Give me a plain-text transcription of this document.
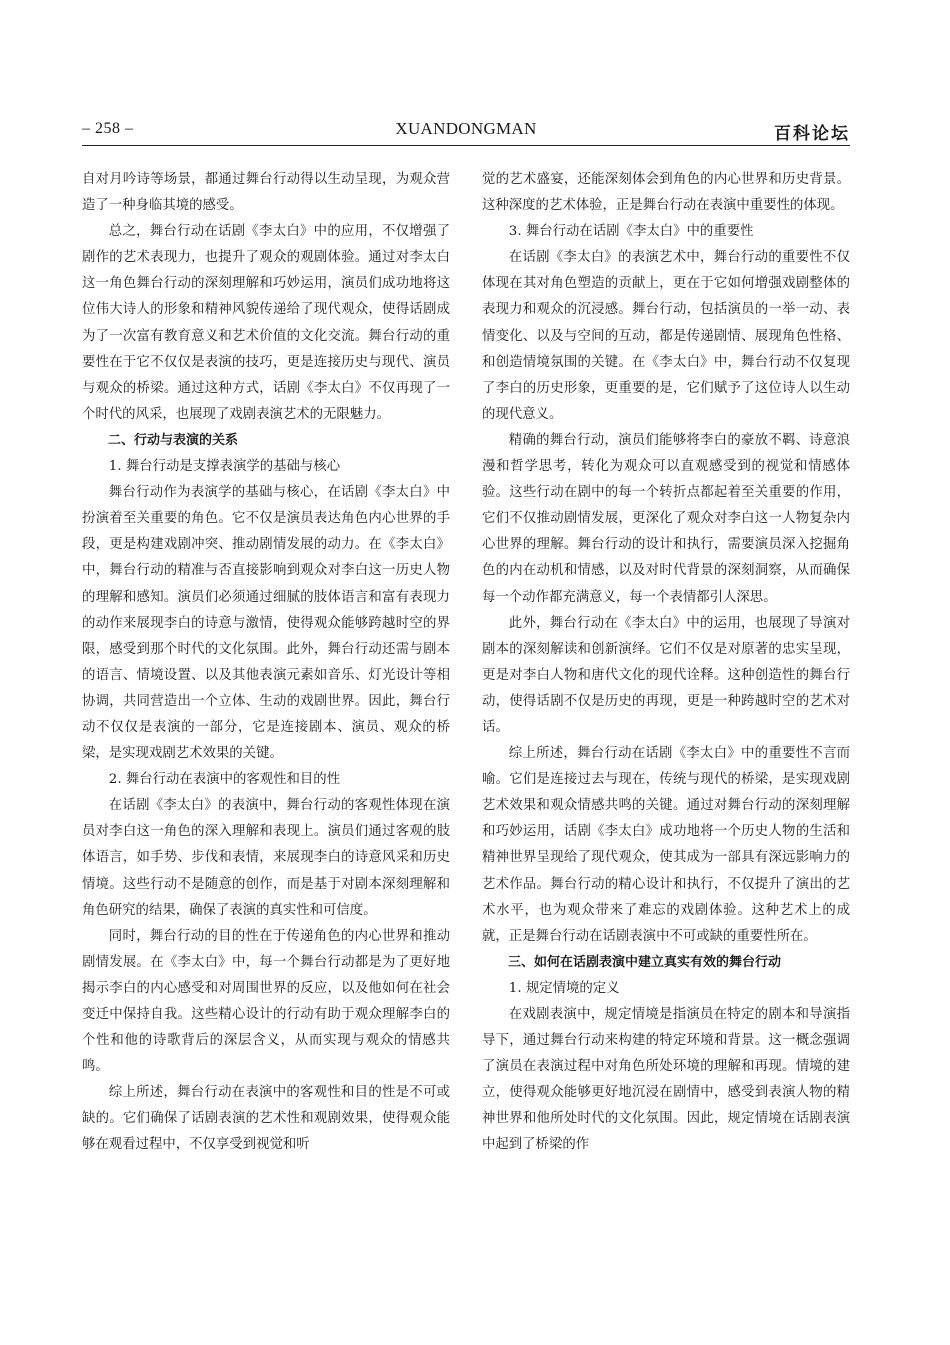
– 258 –	XUANDONGMAN	百科论坛

自对月吟诗等场景，都通过舞台行动得以生动呈现，为观众营造了一种身临其境的感受。

总之，舞台行动在话剧《李太白》中的应用，不仅增强了剧作的艺术表现力，也提升了观众的观剧体验。通过对李太白这一角色舞台行动的深刻理解和巧妙运用，演员们成功地将这位伟大诗人的形象和精神风貌传递给了现代观众，使得话剧成为了一次富有教育意义和艺术价值的文化交流。舞台行动的重要性在于它不仅仅是表演的技巧，更是连接历史与现代、演员与观众的桥梁。通过这种方式，话剧《李太白》不仅再现了一个时代的风采，也展现了戏剧表演艺术的无限魅力。

二、行动与表演的关系
1. 舞台行动是支撑表演学的基础与核心

舞台行动作为表演学的基础与核心，在话剧《李太白》中扮演着至关重要的角色。它不仅是演员表达角色内心世界的手段，更是构建戏剧冲突、推动剧情发展的动力。在《李太白》中，舞台行动的精准与否直接影响到观众对李白这一历史人物的理解和感知。演员们必须通过细腻的肢体语言和富有表现力的动作来展现李白的诗意与激情，使得观众能够跨越时空的界限，感受到那个时代的文化氛围。此外，舞台行动还需与剧本的语言、情境设置、以及其他表演元素如音乐、灯光设计等相协调，共同营造出一个立体、生动的戏剧世界。因此，舞台行动不仅仅是表演的一部分，它是连接剧本、演员、观众的桥梁，是实现戏剧艺术效果的关键。

2. 舞台行动在表演中的客观性和目的性

在话剧《李太白》的表演中，舞台行动的客观性体现在演员对李白这一角色的深入理解和表现上。演员们通过客观的肢体语言，如手势、步伐和表情，来展现李白的诗意风采和历史情境。这些行动不是随意的创作，而是基于对剧本深刻理解和角色研究的结果，确保了表演的真实性和可信度。

同时，舞台行动的目的性在于传递角色的内心世界和推动剧情发展。在《李太白》中，每一个舞台行动都是为了更好地揭示李白的内心感受和对周围世界的反应，以及他如何在社会变迁中保持自我。这些精心设计的行动有助于观众理解李白的个性和他的诗歌背后的深层含义，从而实现与观众的情感共鸣。

综上所述，舞台行动在表演中的客观性和目的性是不可或缺的。它们确保了话剧表演的艺术性和观剧效果，使得观众能够在观看过程中，不仅享受到视觉和听

觉的艺术盛宴，还能深刻体会到角色的内心世界和历史背景。这种深度的艺术体验，正是舞台行动在表演中重要性的体现。

3. 舞台行动在话剧《李太白》中的重要性

在话剧《李太白》的表演艺术中，舞台行动的重要性不仅体现在其对角色塑造的贡献上，更在于它如何增强戏剧整体的表现力和观众的沉浸感。舞台行动，包括演员的一举一动、表情变化、以及与空间的互动，都是传递剧情、展现角色性格、和创造情境氛围的关键。在《李太白》中，舞台行动不仅复现了李白的历史形象，更重要的是，它们赋予了这位诗人以生动的现代意义。

精确的舞台行动，演员们能够将李白的豪放不羁、诗意浪漫和哲学思考，转化为观众可以直观感受到的视觉和情感体验。这些行动在剧中的每一个转折点都起着至关重要的作用，它们不仅推动剧情发展，更深化了观众对李白这一人物复杂内心世界的理解。舞台行动的设计和执行，需要演员深入挖掘角色的内在动机和情感，以及对时代背景的深刻洞察，从而确保每一个动作都充满意义，每一个表情都引人深思。

此外，舞台行动在《李太白》中的运用，也展现了导演对剧本的深刻解读和创新演绎。它们不仅是对原著的忠实呈现，更是对李白人物和唐代文化的现代诠释。这种创造性的舞台行动，使得话剧不仅是历史的再现，更是一种跨越时空的艺术对话。

综上所述，舞台行动在话剧《李太白》中的重要性不言而喻。它们是连接过去与现在，传统与现代的桥梁，是实现戏剧艺术效果和观众情感共鸣的关键。通过对舞台行动的深刻理解和巧妙运用，话剧《李太白》成功地将一个历史人物的生活和精神世界呈现给了现代观众，使其成为一部具有深远影响力的艺术作品。舞台行动的精心设计和执行，不仅提升了演出的艺术水平，也为观众带来了难忘的戏剧体验。这种艺术上的成就，正是舞台行动在话剧表演中不可或缺的重要性所在。

三、如何在话剧表演中建立真实有效的舞台行动
1. 规定情境的定义

在戏剧表演中，规定情境是指演员在特定的剧本和导演指导下，通过舞台行动来构建的特定环境和背景。这一概念强调了演员在表演过程中对角色所处环境的理解和再现。情境的建立，使得观众能够更好地沉浸在剧情中，感受到表演人物的精神世界和他所处时代的文化氛围。因此，规定情境在话剧表演中起到了桥梁的作
